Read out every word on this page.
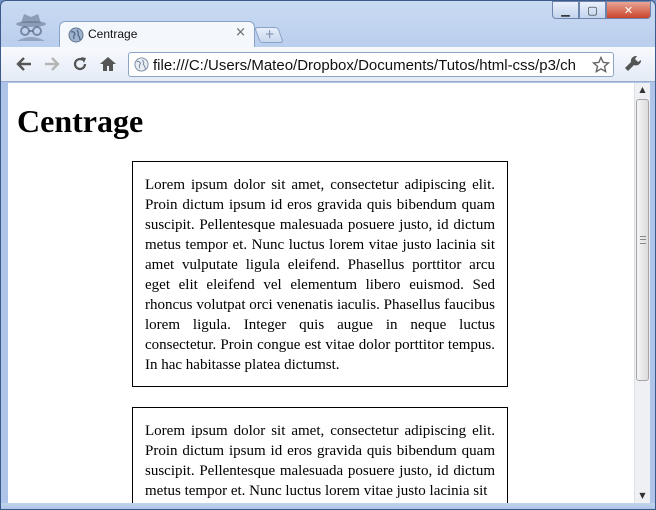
Centrage	× +
▁	▢	✕
file:///C:/Users/Mateo/Dropbox/Documents/Tutos/html-css/p3/ch
Centrage
Lorem ipsum dolor sit amet, consectetur adipiscing elit. Proin dictum ipsum id eros gravida quis bibendum quam suscipit. Pellentesque malesuada posuere justo, id dictum metus tempor et. Nunc luctus lorem vitae justo lacinia sit amet vulputate ligula eleifend. Phasellus porttitor arcu eget elit eleifend vel elementum libero euismod. Sed rhoncus volutpat orci venenatis iaculis. Phasellus faucibus lorem ligula. Integer quis augue in neque luctus consectetur. Proin congue est vitae dolor porttitor tempus. In hac habitasse platea dictumst.
Lorem ipsum dolor sit amet, consectetur adipiscing elit. Proin dictum ipsum id eros gravida quis bibendum quam suscipit. Pellentesque malesuada posuere justo, id dictum metus tempor et. Nunc luctus lorem vitae justo lacinia sit
▲
▼
